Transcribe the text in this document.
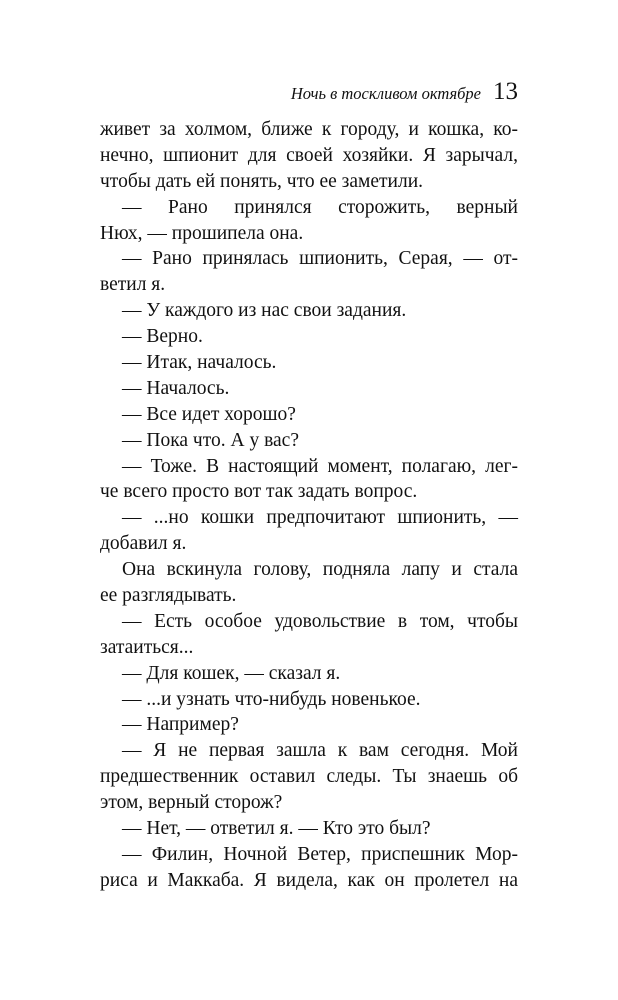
Ночь в тоскливом октябре 13
живет за холмом, ближе к городу, и кошка, ко-
нечно, шпионит для своей хозяйки. Я зарычал,
чтобы дать ей понять, что ее заметили.
— Рано принялся сторожить, верный
Нюх, — прошипела она.
— Рано принялась шпионить, Серая, — от-
ветил я.
— У каждого из нас свои задания.
— Верно.
— Итак, началось.
— Началось.
— Все идет хорошо?
— Пока что. А у вас?
— Тоже. В настоящий момент, полагаю, лег-
че всего просто вот так задать вопрос.
— ...но кошки предпочитают шпионить, —
добавил я.
Она вскинула голову, подняла лапу и стала
ее разглядывать.
— Есть особое удовольствие в том, чтобы
затаиться...
— Для кошек, — сказал я.
— ...и узнать что-нибудь новенькое.
— Например?
— Я не первая зашла к вам сегодня. Мой
предшественник оставил следы. Ты знаешь об
этом, верный сторож?
— Нет, — ответил я. — Кто это был?
— Филин, Ночной Ветер, приспешник Мор-
риса и Маккаба. Я видела, как он пролетел на
